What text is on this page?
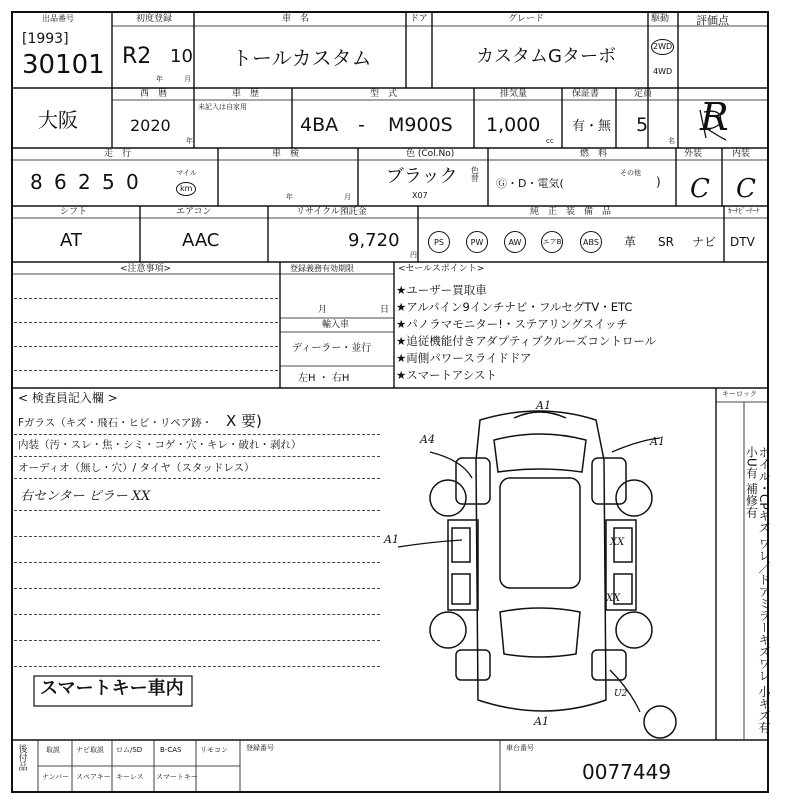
出品番号
[1993]
30101
初度登録
R2 10
年	月
車　名
トールカスタム
ドア	グレード
カスタムGターボ
駆動
2WD
4WD
評価点
大阪
西　暦
2020
年
車　歴
未記入は自家用
型　式
4BA - M900S
排気量
1,000
cc
保証書
有・無
定員
5
名
R
走　行
8 6 2 5 0	マイル
km
車　検
年	月
色 (Col.No)
ブラック
X07
色替
燃　料
Ⓖ・D・電気(
その他
)
外装	内装
C C
シフト
AT
エアコン
AAC
リサイクル預託金
9,720
円
純　正　装　備　品	ｶｰﾅﾋﾞｰﾃｰﾅ
PS	PW	AW	エアB	ABS 革 SR ナビ DTV
<注意事項>	登録義務有効期限
月	日
輸入車
ディーラー・並行
左H ・ 右H
<セールスポイント>
★ユーザー買取車
★アルパイン9インチナビ・フルセグTV・ETC
★パノラマモニター!・ステアリングスイッチ
★追従機能付きアダプティブクルーズコントロール
★両側パワースライドドア
★スマートアシスト
< 検査員記入欄 >
Fガラス（キズ・飛石・ヒビ・リペア跡・ X 要)
内装（汚・スレ・焦・シミ・コゲ・穴・キレ・破れ・剥れ）
オーディオ（無し・穴）/ タイヤ（スタッドレス）
右センター ピラー XX
スマートキー車内
キーロック
ホイル・CPキズ ワレ／ドアミラーキズワレ 小キズ有 小U有 補修有
A1
A4	A1
A1	XX
XX
U2
A1
後付品	取説 ナビ取説 ロム/SD	B-CAS	リモコン
ナンバー スペアキー キーレス スマートキー
登録番号	車台番号
0077449
